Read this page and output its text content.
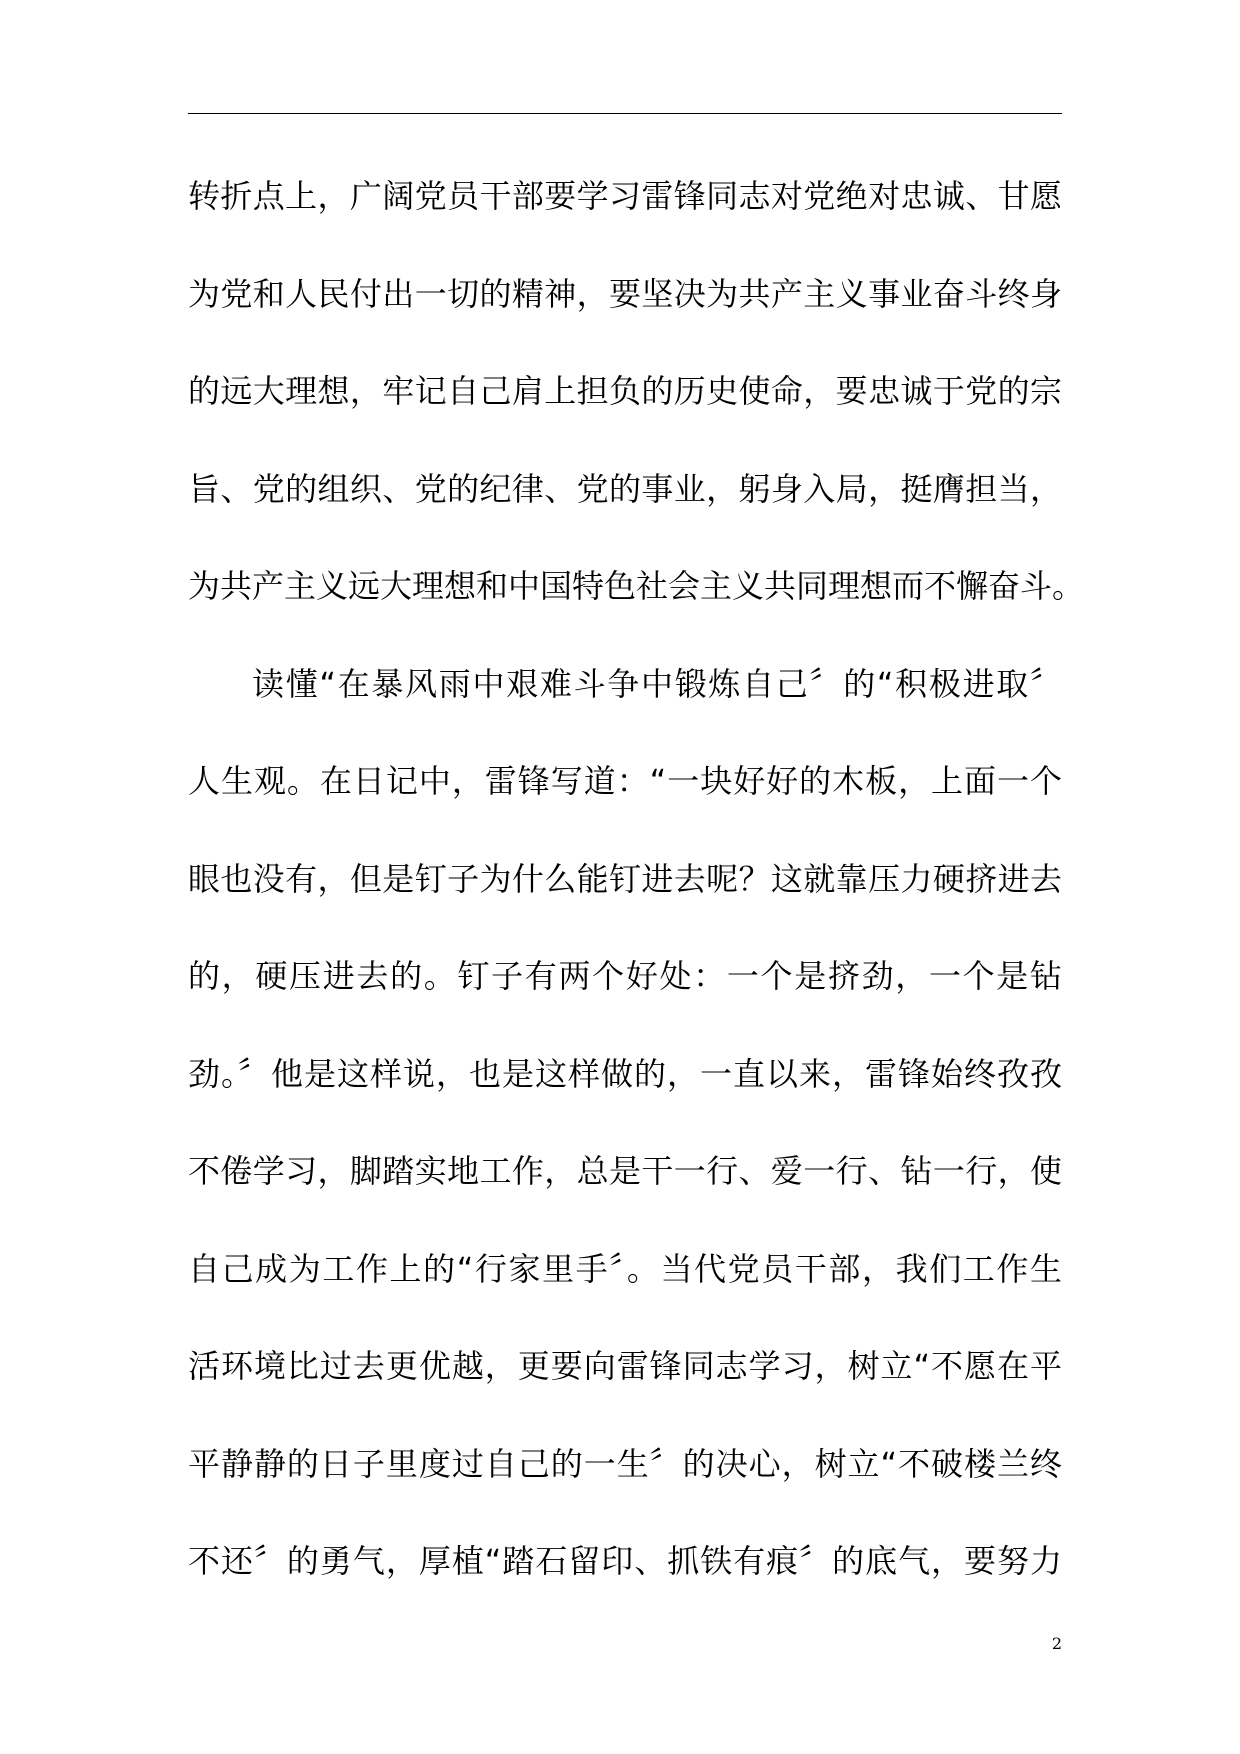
转折点上，广阔党员干部要学习雷锋同志对党绝对忠诚、甘愿
为党和人民付出一切的精神，要坚决为共产主义事业奋斗终身
的远大理想，牢记自己肩上担负的历史使命，要忠诚于党的宗
旨、党的组织、党的纪律、党的事业，躬身入局，挺膺担当，
为共产主义远大理想和中国特色社会主义共同理想而不懈奋斗。
读懂“在暴风雨中艰难斗争中锻炼自己〞的“积极进取〞
人生观。在日记中，雷锋写道：“一块好好的木板，上面一个
眼也没有，但是钉子为什么能钉进去呢？这就靠压力硬挤进去
的，硬压进去的。钉子有两个好处：一个是挤劲，一个是钻
劲。〞他是这样说，也是这样做的，一直以来，雷锋始终孜孜
不倦学习，脚踏实地工作，总是干一行、爱一行、钻一行，使
自己成为工作上的“行家里手〞。当代党员干部，我们工作生
活环境比过去更优越，更要向雷锋同志学习，树立“不愿在平
平静静的日子里度过自己的一生〞的决心，树立“不破楼兰终
不还〞的勇气，厚植“踏石留印、抓铁有痕〞的底气，要努力
2
